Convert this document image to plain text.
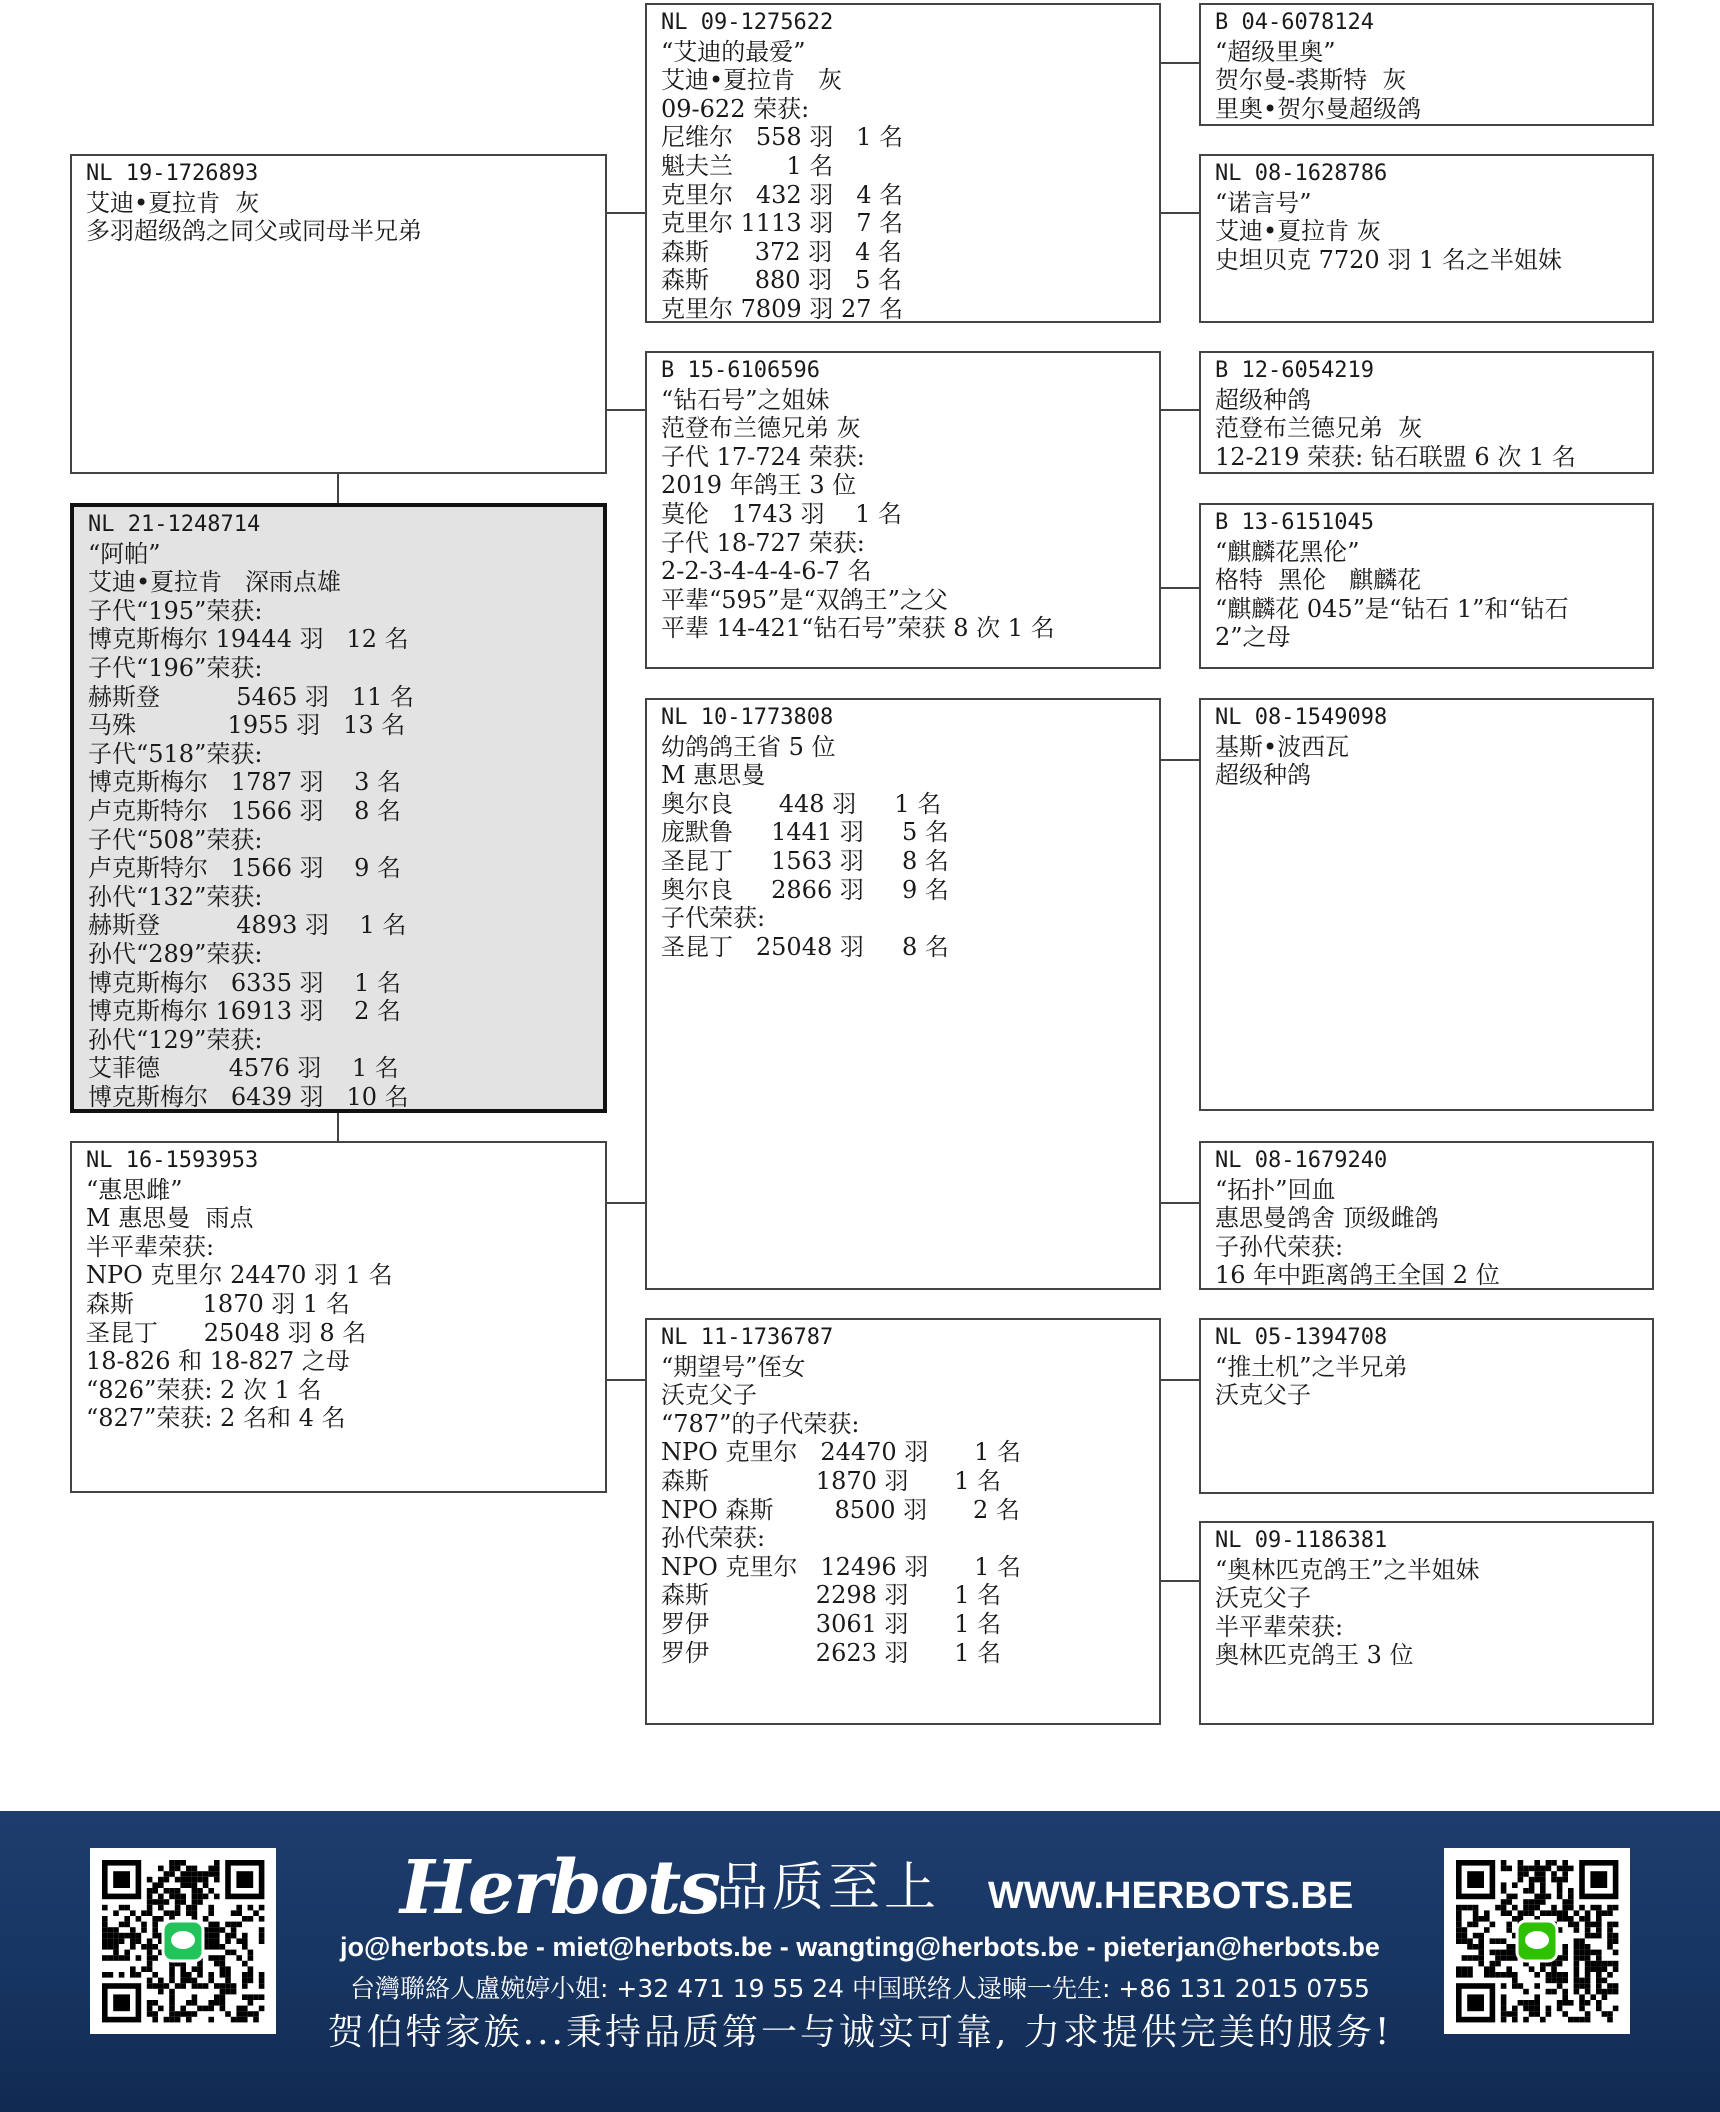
NL 19-1726893
艾迪•夏拉肯  灰
多羽超级鸽之同父或同母半兄弟
NL 21-1248714
“阿帕”
艾迪•夏拉肯   深雨点雄
子代“195”荣获:
博克斯梅尔 19444 羽   12 名
子代“196”荣获:
赫斯登          5465 羽   11 名
马殊            1955 羽   13 名
子代“518”荣获:
博克斯梅尔   1787 羽    3 名
卢克斯特尔   1566 羽    8 名
子代“508”荣获:
卢克斯特尔   1566 羽    9 名
孙代“132”荣获:
赫斯登          4893 羽    1 名
孙代“289”荣获:
博克斯梅尔   6335 羽    1 名
博克斯梅尔 16913 羽    2 名
孙代“129”荣获:
艾菲德         4576 羽    1 名
博克斯梅尔   6439 羽   10 名
NL 16-1593953
“惠思雌”
M 惠思曼  雨点
半平辈荣获:
NPO 克里尔 24470 羽 1 名
森斯         1870 羽 1 名
圣昆丁      25048 羽 8 名
18-826 和 18-827 之母
“826”荣获: 2 次 1 名
“827”荣获: 2 名和 4 名
NL 09-1275622
“艾迪的最爱”
艾迪•夏拉肯   灰
09-622 荣获:
尼维尔   558 羽   1 名
魁夫兰       1 名
克里尔   432 羽   4 名
克里尔 1113 羽   7 名
森斯      372 羽   4 名
森斯      880 羽   5 名
克里尔 7809 羽 27 名
B 15-6106596
“钻石号”之姐妹
范登布兰德兄弟 灰
子代 17-724 荣获:
2019 年鸽王 3 位
莫伦   1743 羽    1 名
子代 18-727 荣获:
2-2-3-4-4-4-6-7 名
平辈“595”是“双鸽王”之父
平辈 14-421“钻石号”荣获 8 次 1 名
NL 10-1773808
幼鸽鸽王省 5 位
M 惠思曼
奥尔良      448 羽     1 名
庞默鲁     1441 羽     5 名
圣昆丁     1563 羽     8 名
奥尔良     2866 羽     9 名
子代荣获:
圣昆丁   25048 羽     8 名
NL 11-1736787
“期望号”侄女
沃克父子
“787”的子代荣获:
NPO 克里尔   24470 羽      1 名
森斯              1870 羽      1 名
NPO 森斯        8500 羽      2 名
孙代荣获:
NPO 克里尔   12496 羽      1 名
森斯              2298 羽      1 名
罗伊              3061 羽      1 名
罗伊              2623 羽      1 名
B 04-6078124
“超级里奥”
贺尔曼-裘斯特  灰
里奥•贺尔曼超级鸽
NL 08-1628786
“诺言号”
艾迪•夏拉肯 灰
史坦贝克 7720 羽 1 名之半姐妹
B 12-6054219
超级种鸽
范登布兰德兄弟  灰
12-219 荣获: 钻石联盟 6 次 1 名
B 13-6151045
“麒麟花黑伦”
格特  黑伦   麒麟花
“麒麟花 045”是“钻石 1”和“钻石
2”之母
NL 08-1549098
基斯•波西瓦
超级种鸽
NL 08-1679240
“拓扑”回血
惠思曼鸽舍 顶级雌鸽
子孙代荣获:
16 年中距离鸽王全国 2 位
NL 05-1394708
“推土机”之半兄弟
沃克父子
NL 09-1186381
“奥林匹克鸽王”之半姐妹
沃克父子
半平辈荣获:
奥林匹克鸽王 3 位
Herbots
品质至上 WWW.HERBOTS.BE
jo@herbots.be - miet@herbots.be - wangting@herbots.be - pieterjan@herbots.be
台灣聯絡人盧婉婷小姐: +32 471 19 55 24 中国联络人逯暕一先生: +86 131 2015 0755
贺伯特家族...秉持品质第一与诚实可靠, 力求提供完美的服务!
